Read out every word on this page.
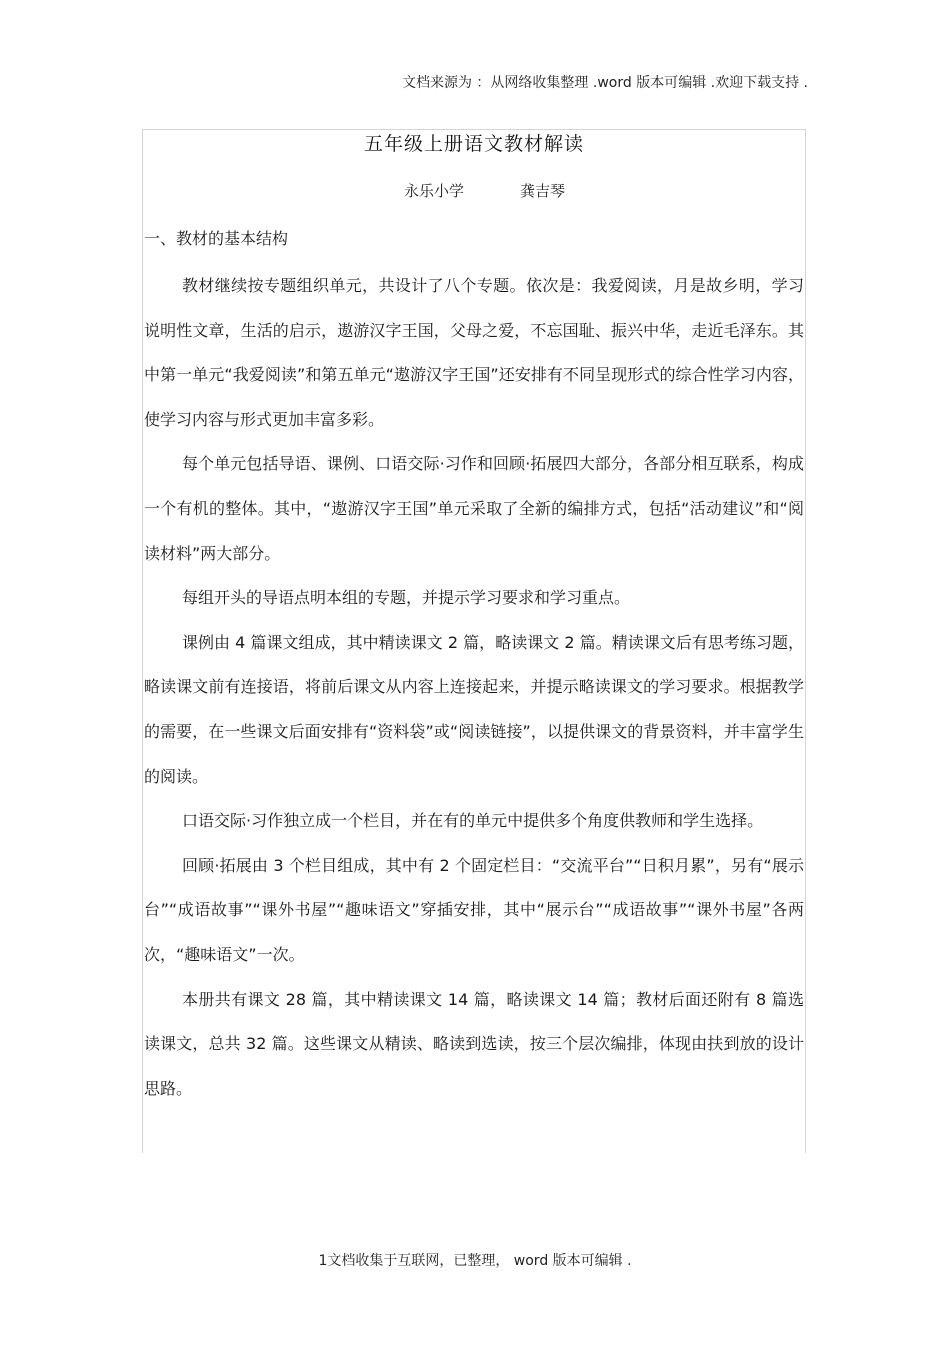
文档来源为 ：从网络收集整理 .word 版本可编辑 .欢迎下载支持 .
五年级上册语文教材解读
永乐小学	龚吉琴
一、教材的基本结构

教材继续按专题组织单元，共设计了八个专题。依次是：我爱阅读，月是故乡明，学习说明性文章，生活的启示，遨游汉字王国，父母之爱，不忘国耻、振兴中华，走近毛泽东。其中第一单元“我爱阅读”和第五单元“遨游汉字王国”还安排有不同呈现形式的综合性学习内容，使学习内容与形式更加丰富多彩。

每个单元包括导语、课例、口语交际·习作和回顾·拓展四大部分，各部分相互联系，构成一个有机的整体。其中，“遨游汉字王国”单元采取了全新的编排方式，包括“活动建议”和“阅读材料”两大部分。

每组开头的导语点明本组的专题，并提示学习要求和学习重点。

课例由 4 篇课文组成，其中精读课文 2 篇，略读课文 2 篇。精读课文后有思考练习题，略读课文前有连接语，将前后课文从内容上连接起来，并提示略读课文的学习要求。根据教学的需要，在一些课文后面安排有“资料袋”或“阅读链接”，以提供课文的背景资料，并丰富学生的阅读。

口语交际·习作独立成一个栏目，并在有的单元中提供多个角度供教师和学生选择。

回顾·拓展由 3 个栏目组成，其中有 2 个固定栏目：“交流平台”“日积月累”，另有“展示台”“成语故事”“课外书屋”“趣味语文”穿插安排，其中“展示台”“成语故事”“课外书屋”各两次，“趣味语文”一次。

本册共有课文 28 篇，其中精读课文 14 篇，略读课文 14 篇；教材后面还附有 8 篇选读课文，总共 32 篇。这些课文从精读、略读到选读，按三个层次编排，体现由扶到放的设计思路。

1文档收集于互联网，已整理， word 版本可编辑 .
